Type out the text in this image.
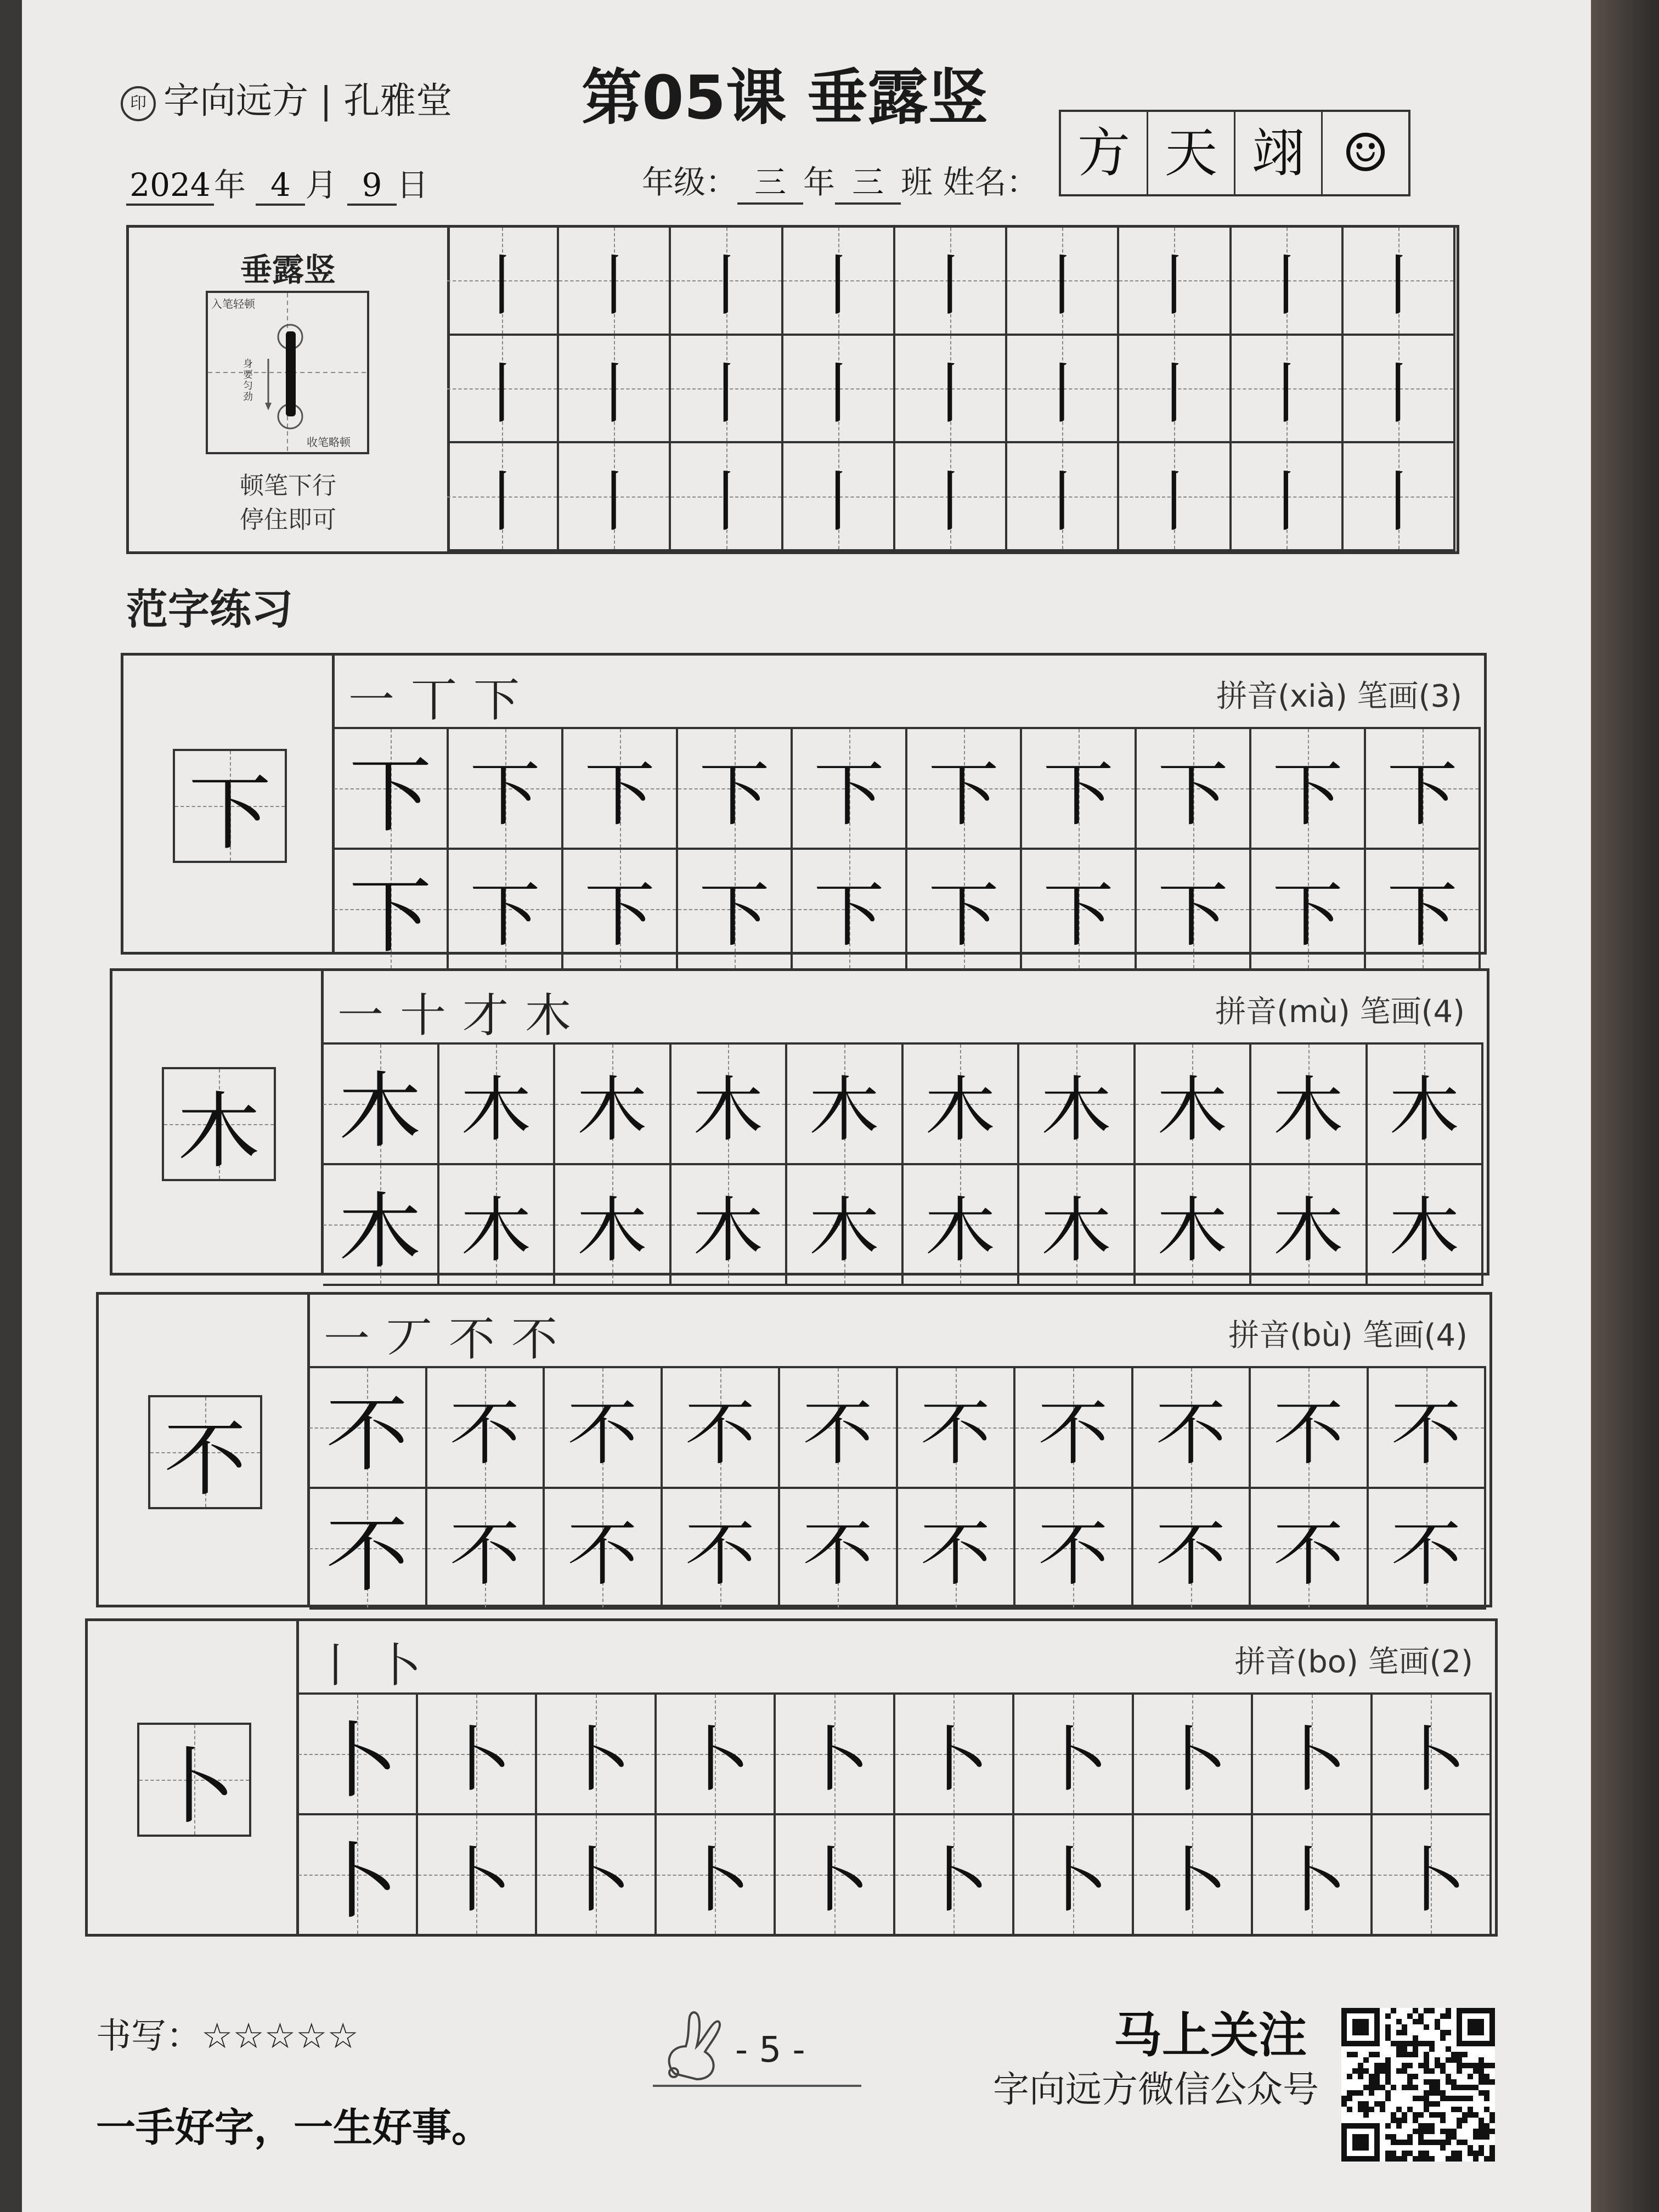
印 字向远方 | 孔雅堂 第05课 垂露竖
2024 年 4 月 9 日	年级： 三 年 三 班 姓名： 方 天 翊 ☺
垂露竖
入笔轻顿
身要匀劲
收笔略顿
顿笔下行
停住即可
丨 丨 丨 丨 丨 丨 丨 丨 丨
丨 丨 丨 丨 丨 丨 丨 丨 丨
丨 丨 丨 丨 丨 丨 丨 丨 丨
范字练习
下
一丅下	拼音(xià) 笔画(3)
下 下 下 下 下 下 下 下 下 下
下 下 下 下 下 下 下 下 下 下
木
一十才木	拼音(mù) 笔画(4)
木 木 木 木 木 木 木 木 木 木
木 木 木 木 木 木 木 木 木 木
不
一丆不不	拼音(bù) 笔画(4)
不 不 不 不 不 不 不 不 不 不
不 不 不 不 不 不 不 不 不 不
卜
丨卜	拼音(bo) 笔画(2)
卜 卜 卜 卜 卜 卜 卜 卜 卜 卜
卜 卜 卜 卜 卜 卜 卜 卜 卜 卜
书写：☆☆☆☆☆
一手好字，一生好事。
- 5 -	马上关注
字向远方微信公众号
